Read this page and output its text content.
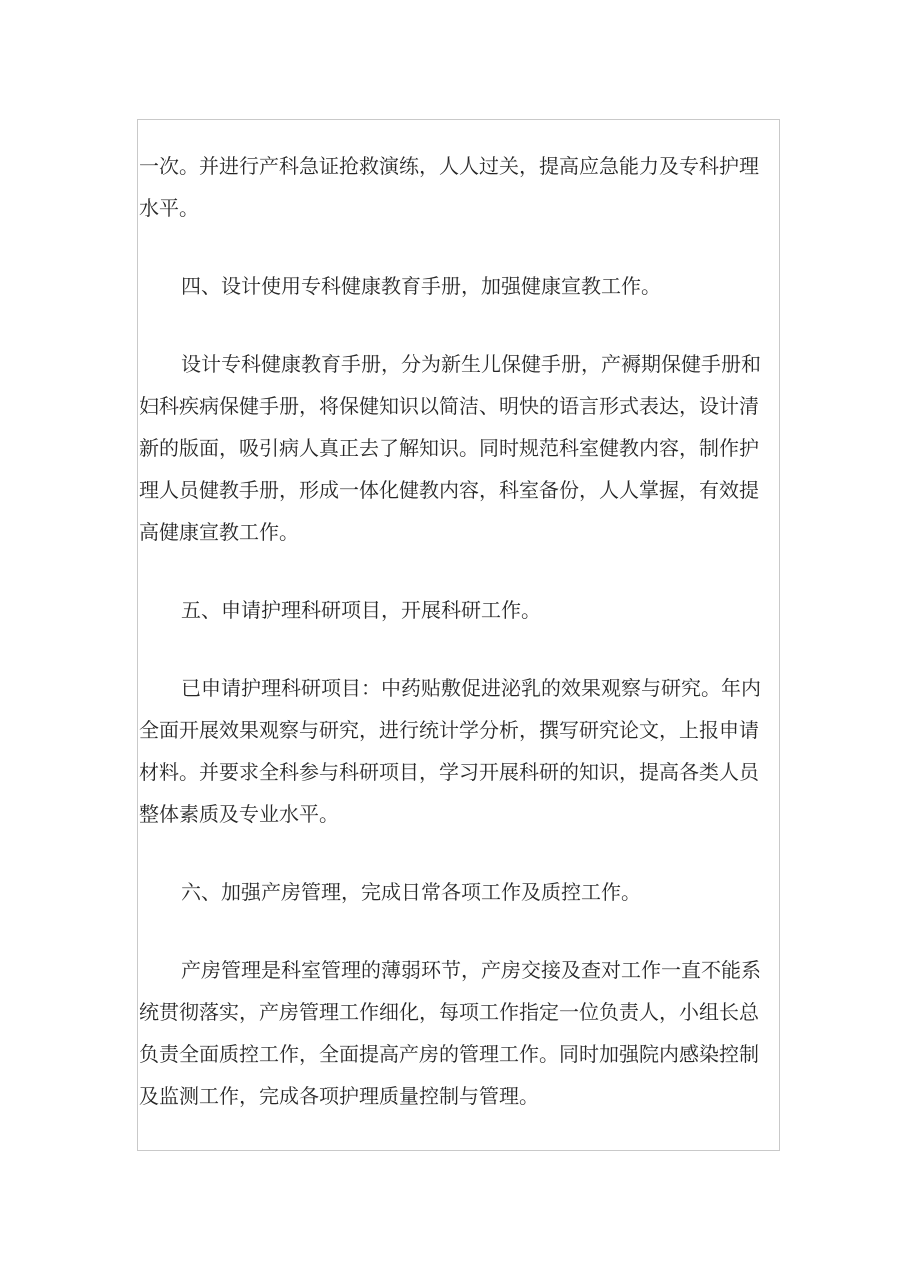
一次。并进行产科急证抢救演练，人人过关，提高应急能力及专科护理
水平。
四、设计使用专科健康教育手册，加强健康宣教工作。
设计专科健康教育手册，分为新生儿保健手册，产褥期保健手册和
妇科疾病保健手册，将保健知识以简洁、明快的语言形式表达，设计清
新的版面，吸引病人真正去了解知识。同时规范科室健教内容，制作护
理人员健教手册，形成一体化健教内容，科室备份，人人掌握，有效提
高健康宣教工作。
五、申请护理科研项目，开展科研工作。
已申请护理科研项目：中药贴敷促进泌乳的效果观察与研究。年内
全面开展效果观察与研究，进行统计学分析，撰写研究论文，上报申请
材料。并要求全科参与科研项目，学习开展科研的知识，提高各类人员
整体素质及专业水平。
六、加强产房管理，完成日常各项工作及质控工作。
产房管理是科室管理的薄弱环节，产房交接及查对工作一直不能系
统贯彻落实，产房管理工作细化，每项工作指定一位负责人，小组长总
负责全面质控工作，全面提高产房的管理工作。同时加强院内感染控制
及监测工作，完成各项护理质量控制与管理。
